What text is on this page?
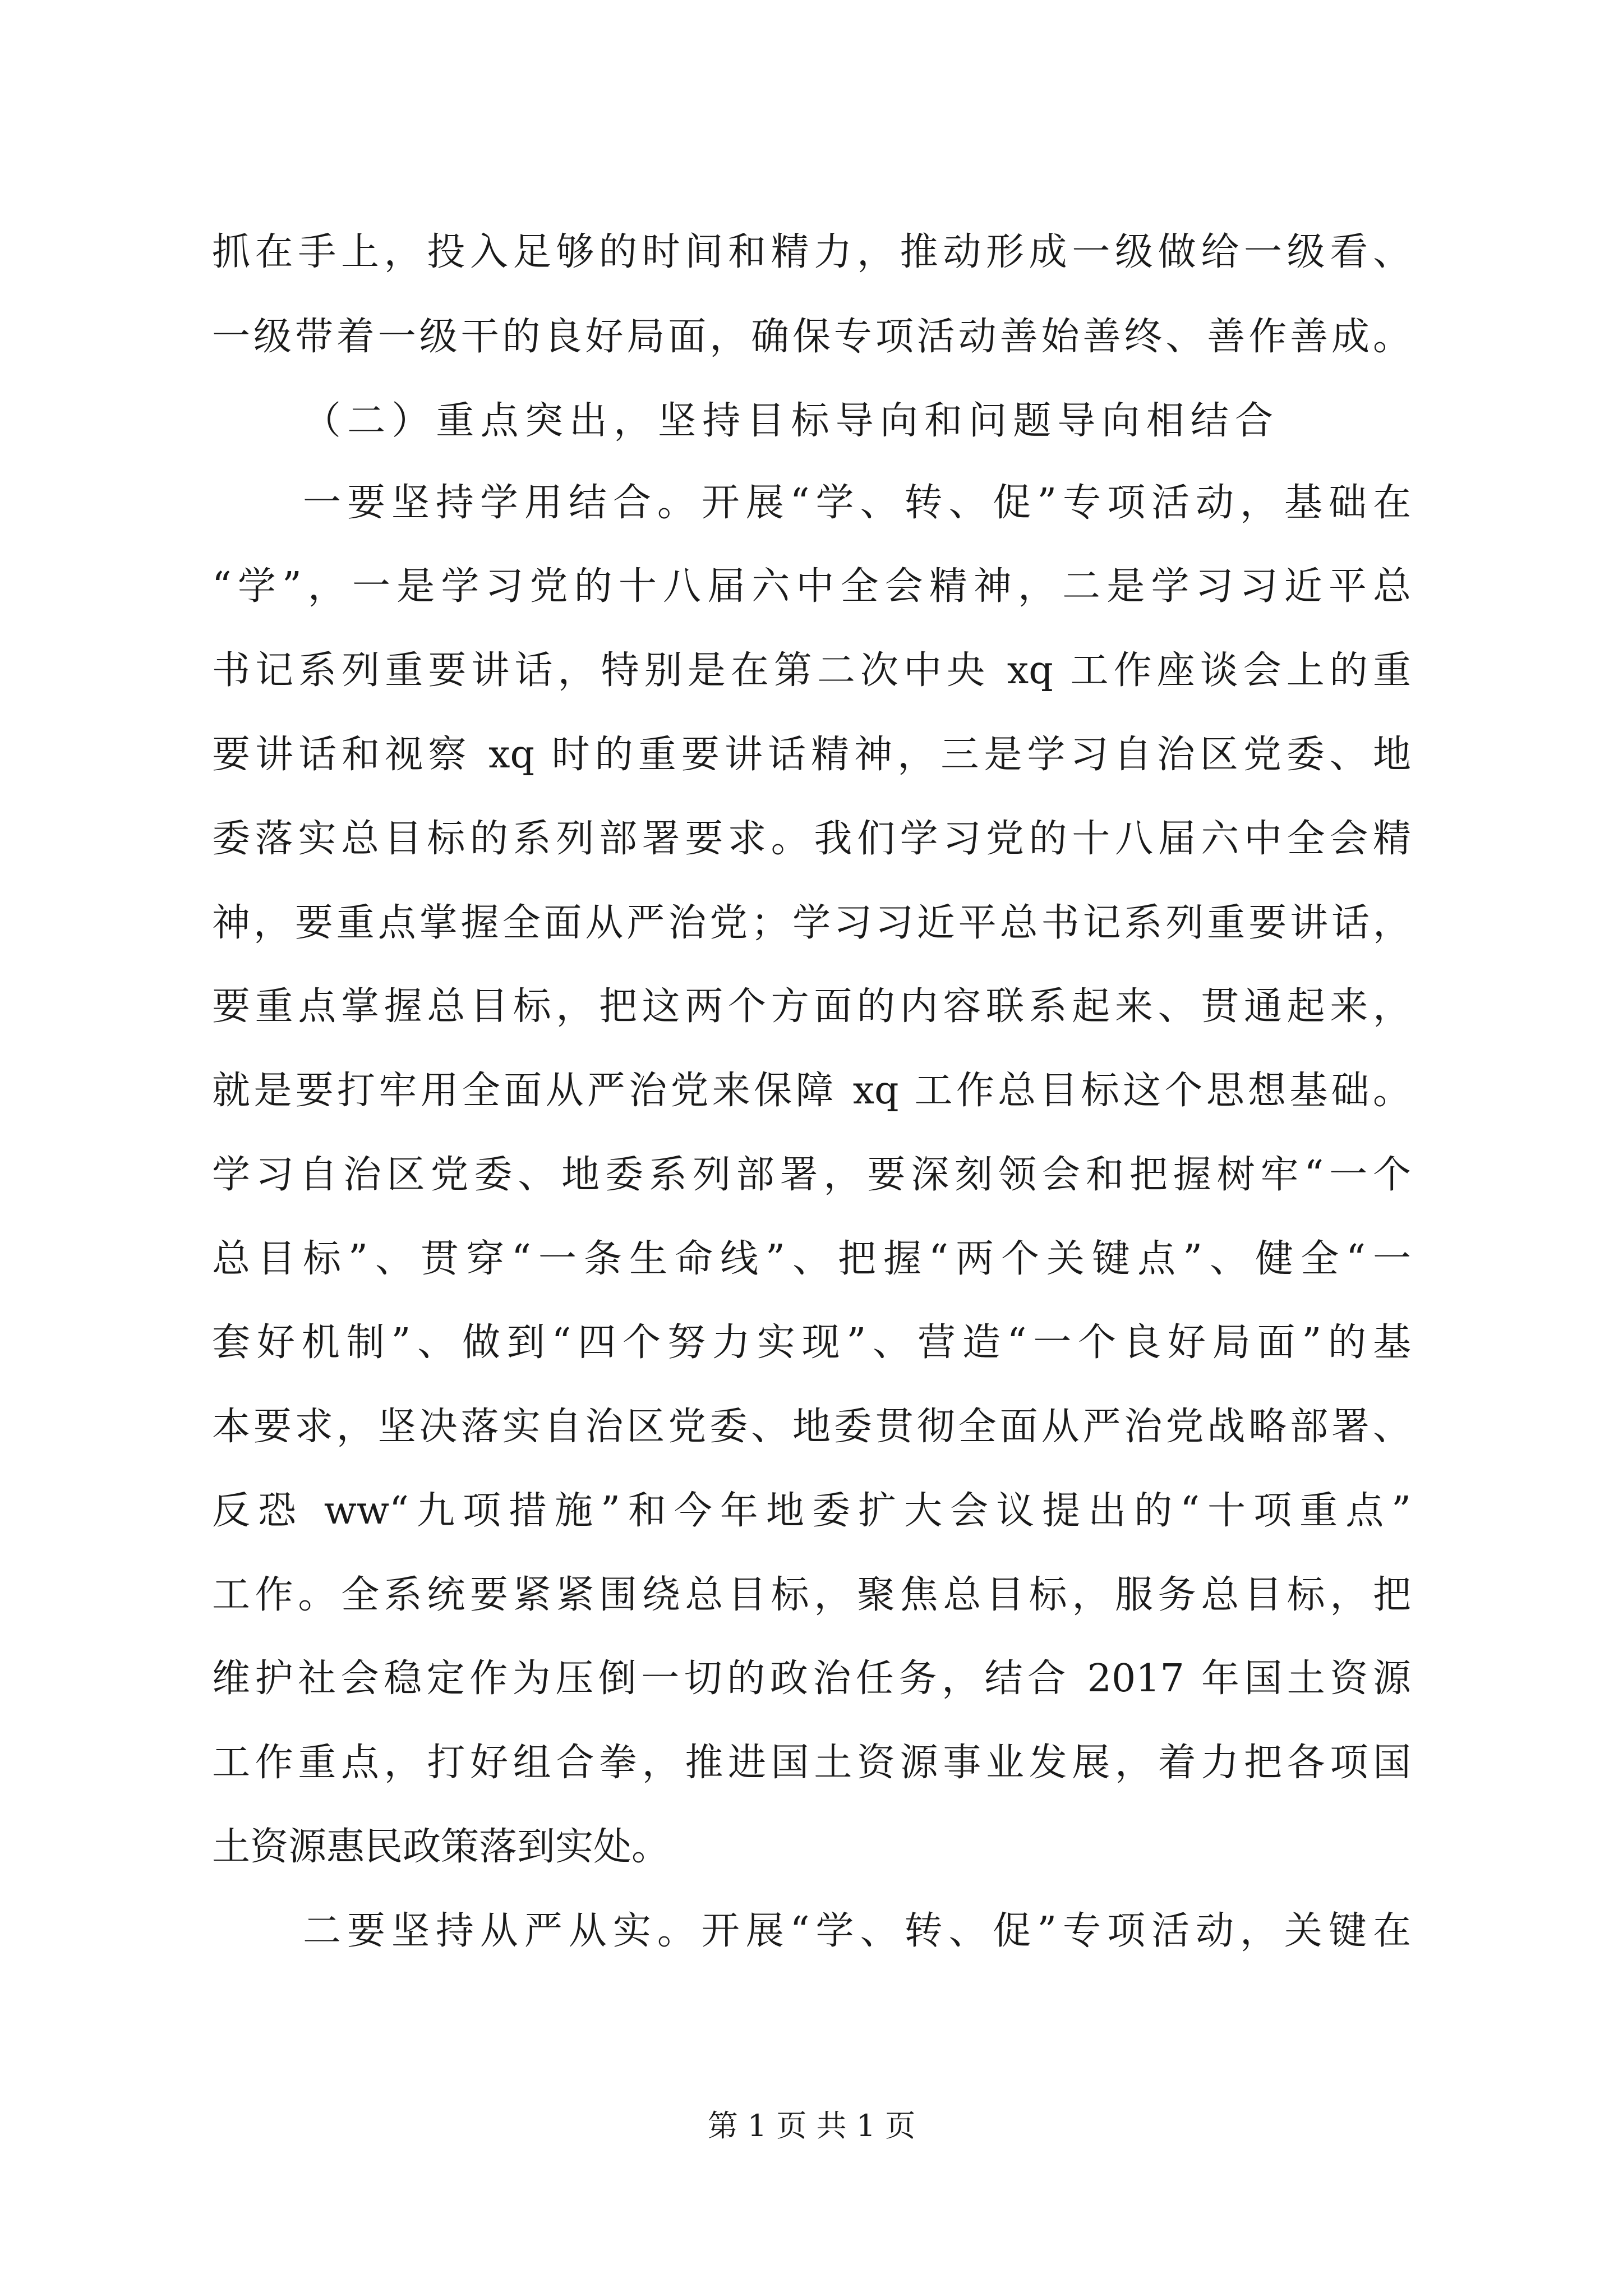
抓在手上，投入足够的时间和精力，推动形成一级做给一级看、
一级带着一级干的良好局面，确保专项活动善始善终、善作善成。
（二）重点突出，坚持目标导向和问题导向相结合
一要坚持学用结合。开展“学、转、促”专项活动，基础在
“学”，一是学习党的十八届六中全会精神，二是学习习近平总
书记系列重要讲话，特别是在第二次中央 xq 工作座谈会上的重
要讲话和视察 xq 时的重要讲话精神，三是学习自治区党委、地
委落实总目标的系列部署要求。我们学习党的十八届六中全会精
神，要重点掌握全面从严治党；学习习近平总书记系列重要讲话，
要重点掌握总目标，把这两个方面的内容联系起来、贯通起来，
就是要打牢用全面从严治党来保障 xq 工作总目标这个思想基础。
学习自治区党委、地委系列部署，要深刻领会和把握树牢“一个
总目标”、贯穿“一条生命线”、把握“两个关键点”、健全“一
套好机制”、做到“四个努力实现”、营造“一个良好局面”的基
本要求，坚决落实自治区党委、地委贯彻全面从严治党战略部署、
反恐 ww“九项措施”和今年地委扩大会议提出的“十项重点”
工作。全系统要紧紧围绕总目标，聚焦总目标，服务总目标，把
维护社会稳定作为压倒一切的政治任务，结合 2017 年国土资源
工作重点，打好组合拳，推进国土资源事业发展，着力把各项国
土资源惠民政策落到实处。
二要坚持从严从实。开展“学、转、促”专项活动，关键在
第 1 页 共 1 页
